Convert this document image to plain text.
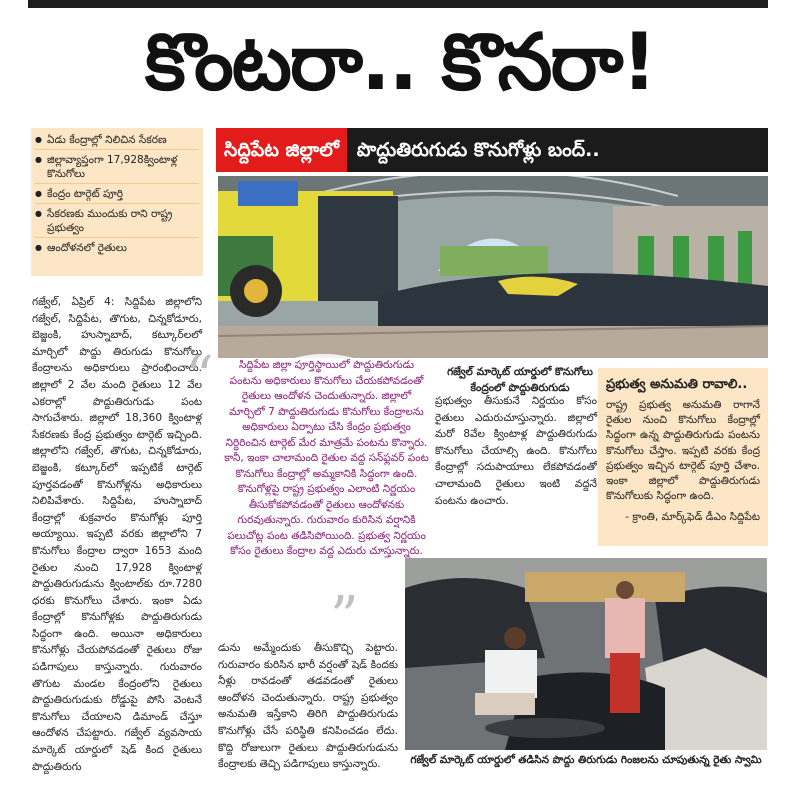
కొంటరా.. కొనరా!
● ఏడు కేంద్రాల్లో నిలిచిన సేకరణ
● జిల్లావ్యాప్తంగా 17,928క్వింటాళ్ల కొనుగోలు
● కేంద్రం టార్గెట్ పూర్తి
● సేకరణకు ముందుకు రాని రాష్ట్ర ప్రభుత్వం
● ఆందోళనలో రైతులు
సిద్దిపేట జిల్లాలో పొద్దుతిరుగుడు కొనుగోళ్లు బంద్..
గజ్వేల్ మార్కెట్ యార్డులో కొనుగోలు కేంద్రంలో పొద్దుతిరుగుడు
గజ్వేల్, ఏప్రిల్ 4: సిద్దిపేట జిల్లాలోని గజ్వేల్, సిద్దిపేట, తొగుట, చిన్నకోడూరు, బెజ్జంకి, హుస్నాబాద్, కట్కూర్‌లలో మార్చిలో పొద్దు తిరుగుడు కొనుగోలు కేంద్రాలను అధికారులు ప్రారంభించారు. జిల్లాలో 2 వేల మంది రైతులు 12 వేల ఎకరాల్లో పొద్దుతిరుగుడు పంట సాగుచేశారు. జిల్లాలో 18,360 క్వింటాళ్ల సేకరణకు కేంద్ర ప్రభుత్వం టార్గెట్ ఇచ్చింది. జిల్లాలోని గజ్వేల్, తొగుట, చిన్నకోడూరు, బెజ్జంకి, కట్కూర్‌లో ఇప్పటికే టార్గెట్ పూర్తవడంతో కొనుగోళ్లను అధికారులు నిలిపివేశారు. సిద్దిపేట, హుస్నాబాద్ కేంద్రాల్లో శుక్రవారం కొనుగోళ్లు పూర్తి అయ్యాయి. ఇప్పటి వరకు జిల్లాలోని 7 కొనుగోలు కేంద్రాల ద్వారా 1653 మంది రైతుల నుంచి 17,928 క్వింటాళ్ల పొద్దుతిరుగుడును క్వింటాల్‌కు రూ.7280 ధరకు కొనుగోలు చేశారు. ఇంకా ఏడు కేంద్రాల్లో కొనుగోళ్లకు పొద్దుతిరుగుడు సిద్ధంగా ఉంది. అయినా అధికారులు కొనుగోళ్లు చేయపోవడంతో రైతులు రోజు పడిగాపులు కాస్తున్నారు. గురువారం తొగుట మండల కేంద్రంలోని రైతులు పొద్దుతిరుగుడుకు రోడ్డుపై పోసి వెంటనే కొనుగోలు చేయాలని డిమాండ్ చేస్తూ ఆందోళన చేపట్టారు. గజ్వేల్ వ్యవసాయ మార్కెట్ యార్డులో షెడ్ కింద రైతులు పొద్దుతిరుగు
“	సిద్దిపేట జిల్లా పూర్తిస్థాయిలో పొద్దుతిరుగుడు పంటను అధికారులు కొనుగోలు చేయకపోవడంతో రైతులు ఆందోళన చెందుతున్నారు. జిల్లాలో మార్చిలో 7 పొద్దుతిరుగుడు కొనుగోలు కేంద్రాలను అధికారులు ఏర్పాటు చేసి కేంద్రం ప్రభుత్వం నిర్ధిరించిన టార్గెట్ మేర మాత్రమే పంటను కొన్నారు. కానీ, ఇంకా చాలామంది రైతుల వద్ద సన్‌ఫ్లవర్ పంట కొనుగోలు కేంద్రాల్లో అమ్మకానికి సిద్ధంగా ఉంది. కొనుగోళ్లపై రాష్ట్ర ప్రభుత్వం ఎలాంటి నిర్ణయం తీసుకోకపోవడంతో రైతులు ఆందోళనకు గురవుతున్నారు. గురువారం కురిసిన వర్షానికి పలుచోట్ల పంట తడిసిపోయింది. ప్రభుత్వ నిర్ణయం కోసం రైతులు కేంద్రాల వద్ద ఎదురు చూస్తున్నారు.
”
ప్రభుత్వం తీసుకునే నిర్ణయం కోసం రైతులు ఎదురుచూస్తున్నారు. జిల్లాలో మరో 8వేల క్వింటాళ్ల పొద్దుతిరుగుడు కొనుగోలు చేయాల్సి ఉంది. కొనుగోలు కేంద్రాల్లో సదుపాయాలు లేకపోవడంతో చాలామంది రైతులు ఇంటి వద్దనే పంటను ఉంచారు.
ప్రభుత్వ అనుమతి రావాలి..
రాష్ట్ర ప్రభుత్వ అనుమతి రాగానే రైతుల నుంచి కొనుగోలు కేంద్రాల్లో సిద్ధంగా ఉన్న పొద్దుతిరుగుడు పంటను కొనుగోలు చేస్తాం. ఇప్పటి వరకు కేంద్ర ప్రభుత్వం ఇచ్చిన టార్గెట్ పూర్తి చేశాం. ఇంకా జిల్లాలో పొద్దుతిరుగుడు కొనుగోలుకు సిద్ధంగా ఉంది.
- క్రాంతి, మార్క్‌ఫెడ్ డీఎం సిద్దిపేట
డును అమ్మేందుకు తీసుకొచ్చి పెట్టారు. గురువారం కురిసిన భారీ వర్షంతో షెడ్ కిందకు నీళ్లు రావడంతో తడవడంతో రైతులు ఆందోళన చెందుతున్నారు. రాష్ట్ర ప్రభుత్వం అనుమతి ఇస్తేకాని తిరిగి పొద్దుతిరుగుడు కొనుగోళ్లు చేసే పరిస్థితి కనిపించడం లేదు. కొద్ది రోజులుగా రైతులు పొద్దుతిరుగుడును కేంద్రాలకు తెచ్చి పడిగాపులు కాస్తున్నారు.	గజ్వేల్ మార్కెట్ యార్డులో తడిసిన పొద్దు తిరుగుడు గింజలను చూపుతున్న రైతు స్వామి
